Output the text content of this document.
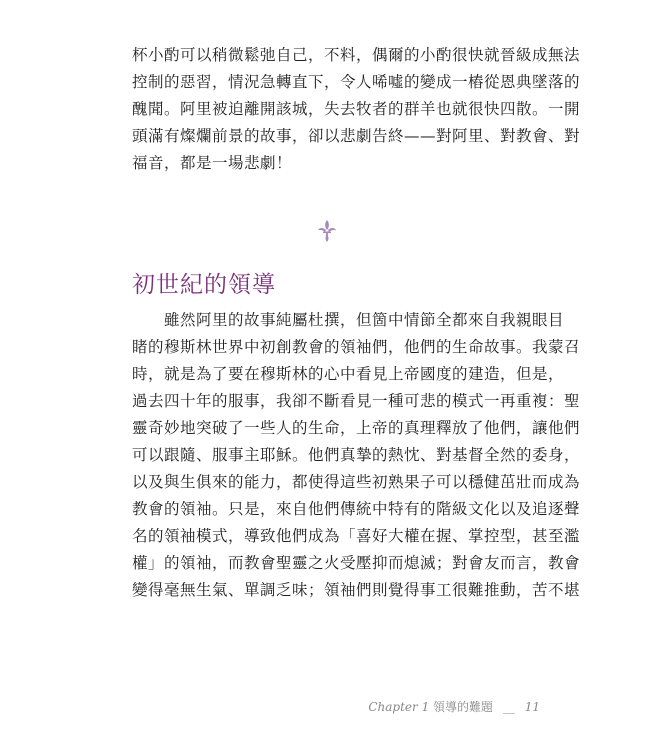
杯小酌可以稍微鬆弛自己，不料，偶爾的小酌很快就晉級成無法
控制的惡習，情況急轉直下，令人唏噓的變成一樁從恩典墜落的
醜聞。阿里被迫離開該城，失去牧者的群羊也就很快四散。一開
頭滿有燦爛前景的故事，卻以悲劇告終——對阿里、對教會、對
福音，都是一場悲劇！

初世紀的領導

　　雖然阿里的故事純屬杜撰，但箇中情節全都來自我親眼目
睹的穆斯林世界中初創教會的領袖們，他們的生命故事。我蒙召
時，就是為了要在穆斯林的心中看見上帝國度的建造，但是，
過去四十年的服事，我卻不斷看見一種可悲的模式一再重複：聖
靈奇妙地突破了一些人的生命，上帝的真理釋放了他們，讓他們
可以跟隨、服事主耶穌。他們真摯的熱忱、對基督全然的委身，
以及與生俱來的能力，都使得這些初熟果子可以穩健茁壯而成為
教會的領袖。只是，來自他們傳統中特有的階級文化以及追逐聲
名的領袖模式，導致他們成為「喜好大權在握、掌控型，甚至濫
權」的領袖，而教會聖靈之火受壓抑而熄滅；對會友而言，教會
變得毫無生氣、單調乏味；領袖們則覺得事工很難推動，苦不堪

Chapter 1 領導的難題 __ 11
